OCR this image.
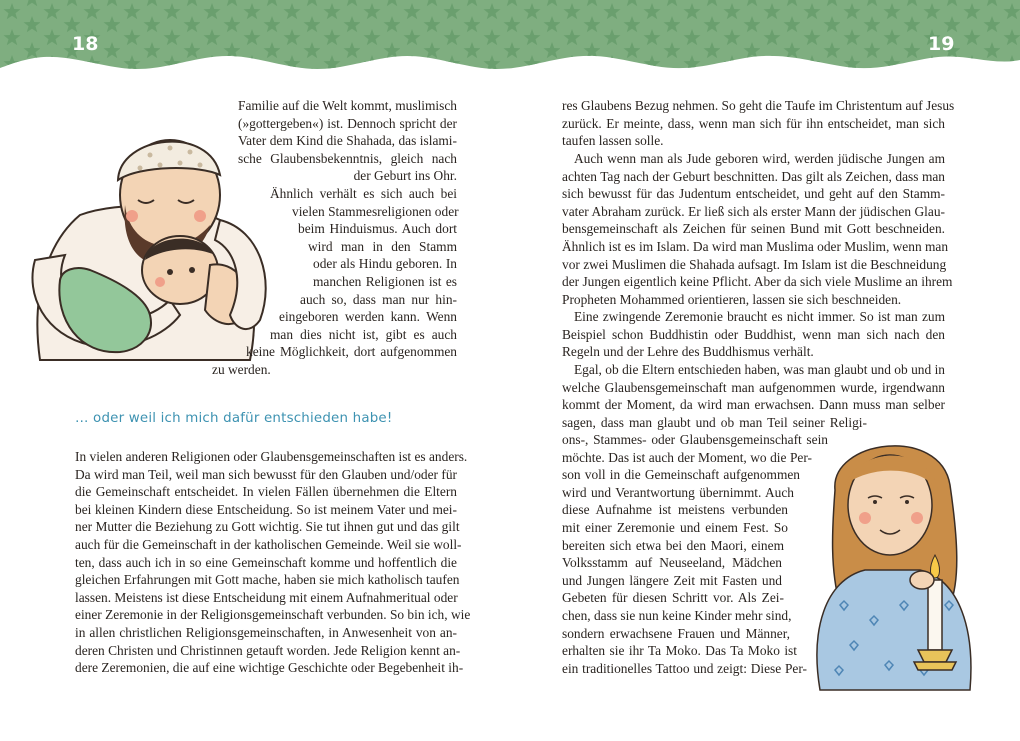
18	19
Familie auf die Welt kommt, muslimisch
(»gottergeben«) ist. Dennoch spricht der
Vater dem Kind die Shahada, das islami-
sche Glaubensbekenntnis, gleich nach
der Geburt ins Ohr.
Ähnlich verhält es sich auch bei
vielen Stammesreligionen oder
beim Hinduismus. Auch dort
wird man in den Stamm
oder als Hindu geboren. In
manchen Religionen ist es
auch so, dass man nur hin-
eingeboren werden kann. Wenn
man dies nicht ist, gibt es auch
keine Möglichkeit, dort aufgenommen
zu werden.
… oder weil ich mich dafür entschieden habe!
In vielen anderen Religionen oder Glaubensgemeinschaften ist es anders.
Da wird man Teil, weil man sich bewusst für den Glauben und/oder für
die Gemeinschaft entscheidet. In vielen Fällen übernehmen die Eltern
bei kleinen Kindern diese Entscheidung. So ist meinem Vater und mei-
ner Mutter die Beziehung zu Gott wichtig. Sie tut ihnen gut und das gilt
auch für die Gemeinschaft in der katholischen Gemeinde. Weil sie woll-
ten, dass auch ich in so eine Gemeinschaft komme und hoffentlich die
gleichen Erfahrungen mit Gott mache, haben sie mich katholisch taufen
lassen. Meistens ist diese Entscheidung mit einem Aufnahmeritual oder
einer Zeremonie in der Religionsgemeinschaft verbunden. So bin ich, wie
in allen christlichen Religionsgemeinschaften, in Anwesenheit von an-
deren Christen und Christinnen getauft worden. Jede Religion kennt an-
dere Zeremonien, die auf eine wichtige Geschichte oder Begebenheit ih-
res Glaubens Bezug nehmen. So geht die Taufe im Christentum auf Jesus
zurück. Er meinte, dass, wenn man sich für ihn entscheidet, man sich
taufen lassen solle.
Auch wenn man als Jude geboren wird, werden jüdische Jungen am
achten Tag nach der Geburt beschnitten. Das gilt als Zeichen, dass man
sich bewusst für das Judentum entscheidet, und geht auf den Stamm-
vater Abraham zurück. Er ließ sich als erster Mann der jüdischen Glau-
bensgemeinschaft als Zeichen für seinen Bund mit Gott beschneiden.
Ähnlich ist es im Islam. Da wird man Muslima oder Muslim, wenn man
vor zwei Muslimen die Shahada aufsagt. Im Islam ist die Beschneidung
der Jungen eigentlich keine Pflicht. Aber da sich viele Muslime an ihrem
Propheten Mohammed orientieren, lassen sie sich beschneiden.
Eine zwingende Zeremonie braucht es nicht immer. So ist man zum
Beispiel schon Buddhistin oder Buddhist, wenn man sich nach den
Regeln und der Lehre des Buddhismus verhält.
Egal, ob die Eltern entschieden haben, was man glaubt und ob und in
welche Glaubensgemeinschaft man aufgenommen wurde, irgendwann
kommt der Moment, da wird man erwachsen. Dann muss man selber
sagen, dass man glaubt und ob man Teil seiner Religi-
ons-, Stammes- oder Glaubensgemeinschaft sein
möchte. Das ist auch der Moment, wo die Per-
son voll in die Gemeinschaft aufgenommen
wird und Verantwortung übernimmt. Auch
diese Aufnahme ist meistens verbunden
mit einer Zeremonie und einem Fest. So
bereiten sich etwa bei den Maori, einem
Volksstamm auf Neuseeland, Mädchen
und Jungen längere Zeit mit Fasten und
Gebeten für diesen Schritt vor. Als Zei-
chen, dass sie nun keine Kinder mehr sind,
sondern erwachsene Frauen und Männer,
erhalten sie ihr Ta Moko. Das Ta Moko ist
ein traditionelles Tattoo und zeigt: Diese Per-
